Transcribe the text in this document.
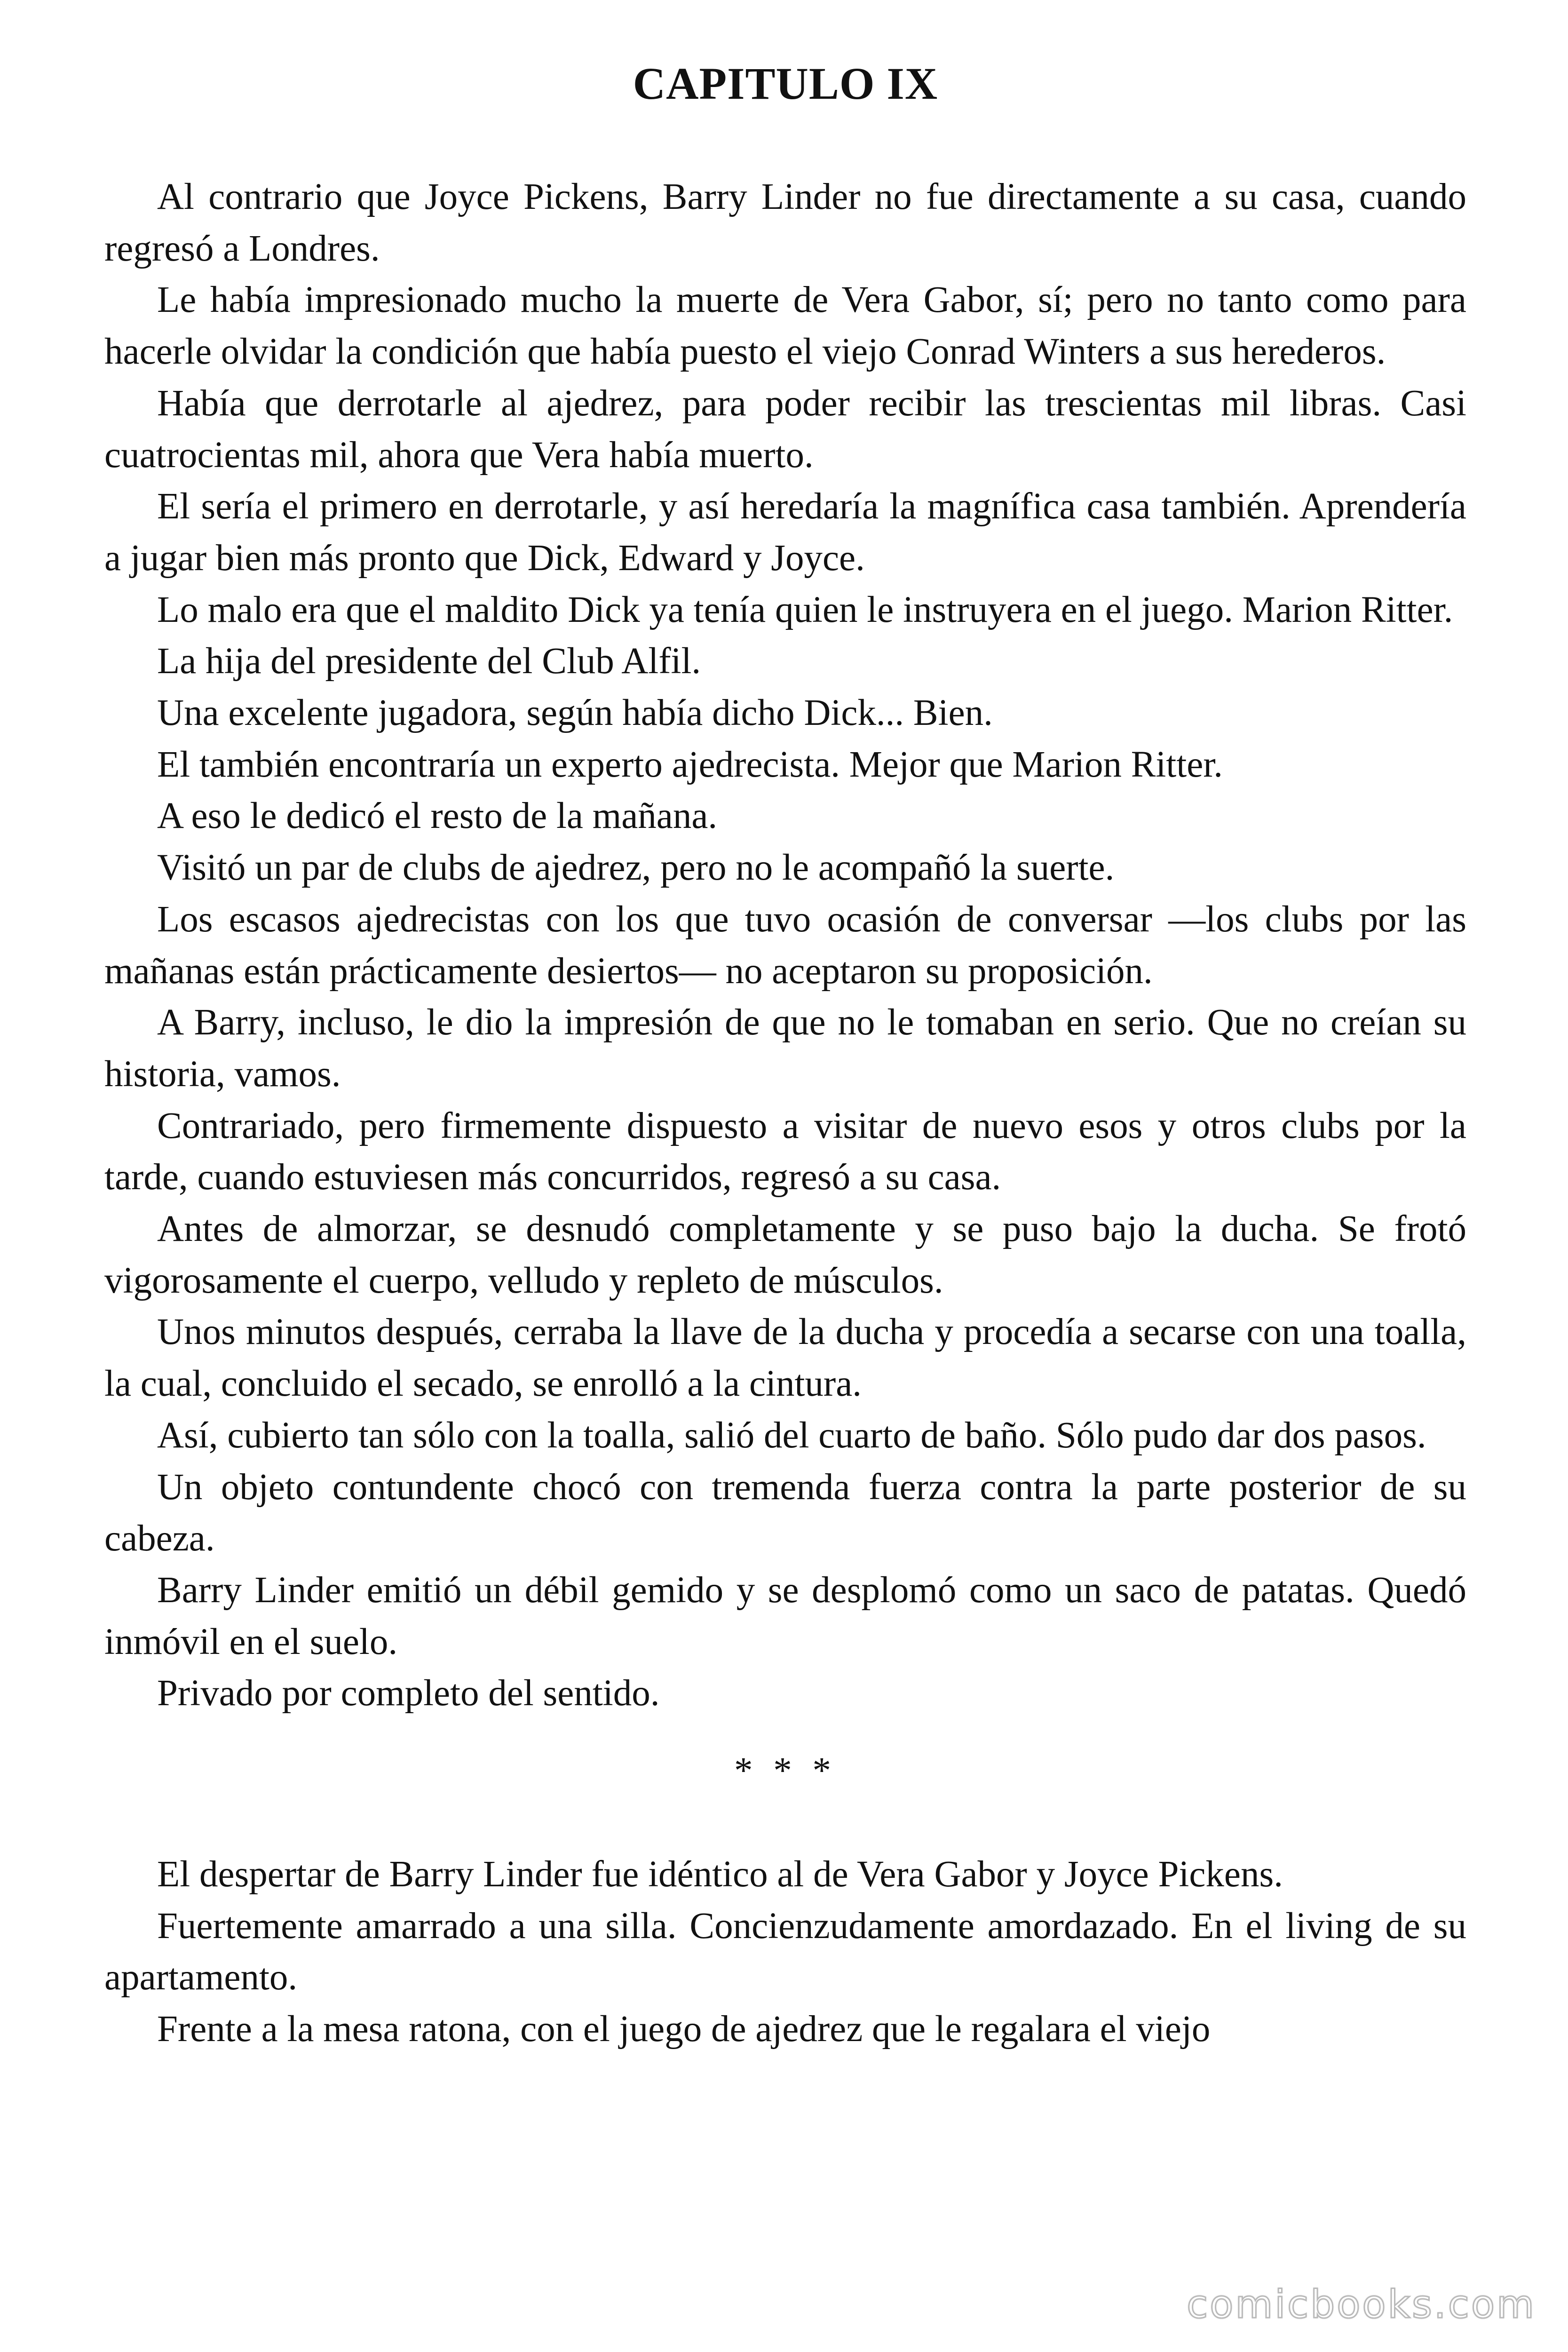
CAPITULO IX

Al contrario que Joyce Pickens, Barry Linder no fue directamente a su casa, cuando regresó a Londres.

Le había impresionado mucho la muerte de Vera Gabor, sí; pero no tanto como para hacerle olvidar la condición que había puesto el viejo Conrad Winters a sus herederos.

Había que derrotarle al ajedrez, para poder recibir las trescientas mil libras. Casi cuatrocientas mil, ahora que Vera había muerto.

El sería el primero en derrotarle, y así heredaría la magnífica casa también. Aprendería a jugar bien más pronto que Dick, Edward y Joyce.

Lo malo era que el maldito Dick ya tenía quien le instruyera en el juego. Marion Ritter.

La hija del presidente del Club Alfil.

Una excelente jugadora, según había dicho Dick... Bien.

El también encontraría un experto ajedrecista. Mejor que Marion Ritter.

A eso le dedicó el resto de la mañana.

Visitó un par de clubs de ajedrez, pero no le acompañó la suerte.

Los escasos ajedrecistas con los que tuvo ocasión de conversar —los clubs por las mañanas están prácticamente desiertos— no aceptaron su proposición.

A Barry, incluso, le dio la impresión de que no le tomaban en serio. Que no creían su historia, vamos.

Contrariado, pero firmemente dispuesto a visitar de nuevo esos y otros clubs por la tarde, cuando estuviesen más concurridos, regresó a su casa.

Antes de almorzar, se desnudó completamente y se puso bajo la ducha. Se frotó vigorosamente el cuerpo, velludo y repleto de músculos.

Unos minutos después, cerraba la llave de la ducha y procedía a secarse con una toalla, la cual, concluido el secado, se enrolló a la cintura.

Así, cubierto tan sólo con la toalla, salió del cuarto de baño. Sólo pudo dar dos pasos.

Un objeto contundente chocó con tremenda fuerza contra la parte posterior de su cabeza.

Barry Linder emitió un débil gemido y se desplomó como un saco de patatas. Quedó inmóvil en el suelo.

Privado por completo del sentido.

* * *

El despertar de Barry Linder fue idéntico al de Vera Gabor y Joyce Pickens.

Fuertemente amarrado a una silla. Concienzudamente amordazado. En el living de su apartamento.

Frente a la mesa ratona, con el juego de ajedrez que le regalara el viejo

comicbooks.com
